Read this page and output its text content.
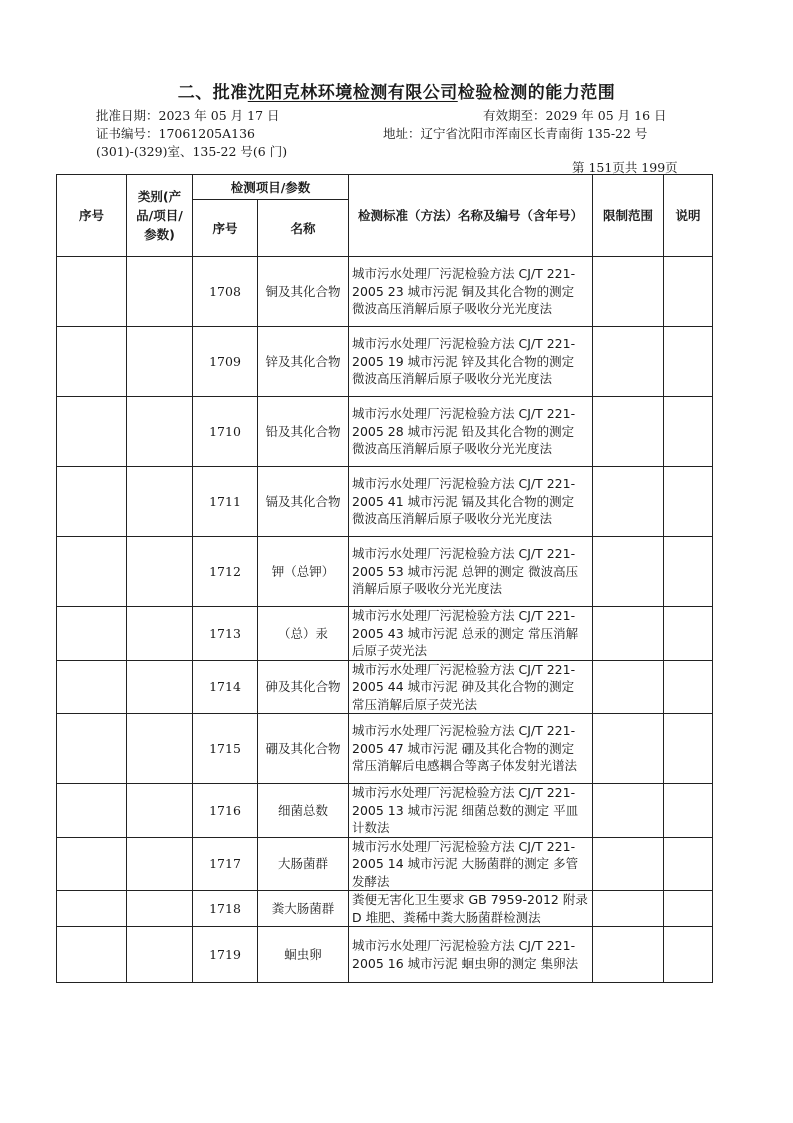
二、批准沈阳克林环境检测有限公司检验检测的能力范围
批准日期：2023 年 05 月 17 日	有效期至：2029 年 05 月 16 日
证书编号：17061205A136	地址：辽宁省沈阳市浑南区长青南街 135-22 号
(301)-(329)室、135-22 号(6 门)
第 151页共 199页
序号	类别(产品/项目/参数)	检测项目/参数		检测标准（方法）名称及编号（含年号）	限制范围	说明
		序号	名称			
		1708	铜及其化合物	城市污水处理厂污泥检验方法 CJ/T 221-2005 23 城市污泥 铜及其化合物的测定 微波高压消解后原子吸收分光光度法		
		1709	锌及其化合物	城市污水处理厂污泥检验方法 CJ/T 221-2005 19 城市污泥 锌及其化合物的测定 微波高压消解后原子吸收分光光度法		
		1710	铅及其化合物	城市污水处理厂污泥检验方法 CJ/T 221-2005 28 城市污泥 铅及其化合物的测定 微波高压消解后原子吸收分光光度法		
		1711	镉及其化合物	城市污水处理厂污泥检验方法 CJ/T 221-2005 41 城市污泥 镉及其化合物的测定 微波高压消解后原子吸收分光光度法		
		1712	钾（总钾）	城市污水处理厂污泥检验方法 CJ/T 221-2005 53 城市污泥 总钾的测定 微波高压消解后原子吸收分光光度法		
		1713	（总）汞	城市污水处理厂污泥检验方法 CJ/T 221-2005 43 城市污泥 总汞的测定 常压消解后原子荧光法		
		1714	砷及其化合物	城市污水处理厂污泥检验方法 CJ/T 221-2005 44 城市污泥 砷及其化合物的测定 常压消解后原子荧光法		
		1715	硼及其化合物	城市污水处理厂污泥检验方法 CJ/T 221-2005 47 城市污泥 硼及其化合物的测定 常压消解后电感耦合等离子体发射光谱法		
		1716	细菌总数	城市污水处理厂污泥检验方法 CJ/T 221-2005 13 城市污泥 细菌总数的测定 平皿计数法		
		1717	大肠菌群	城市污水处理厂污泥检验方法 CJ/T 221-2005 14 城市污泥 大肠菌群的测定 多管发酵法		
		1718	粪大肠菌群	粪便无害化卫生要求 GB 7959-2012 附录D 堆肥、粪稀中粪大肠菌群检测法		
		1719	蛔虫卵	城市污水处理厂污泥检验方法 CJ/T 221-2005 16 城市污泥 蛔虫卵的测定 集卵法		
